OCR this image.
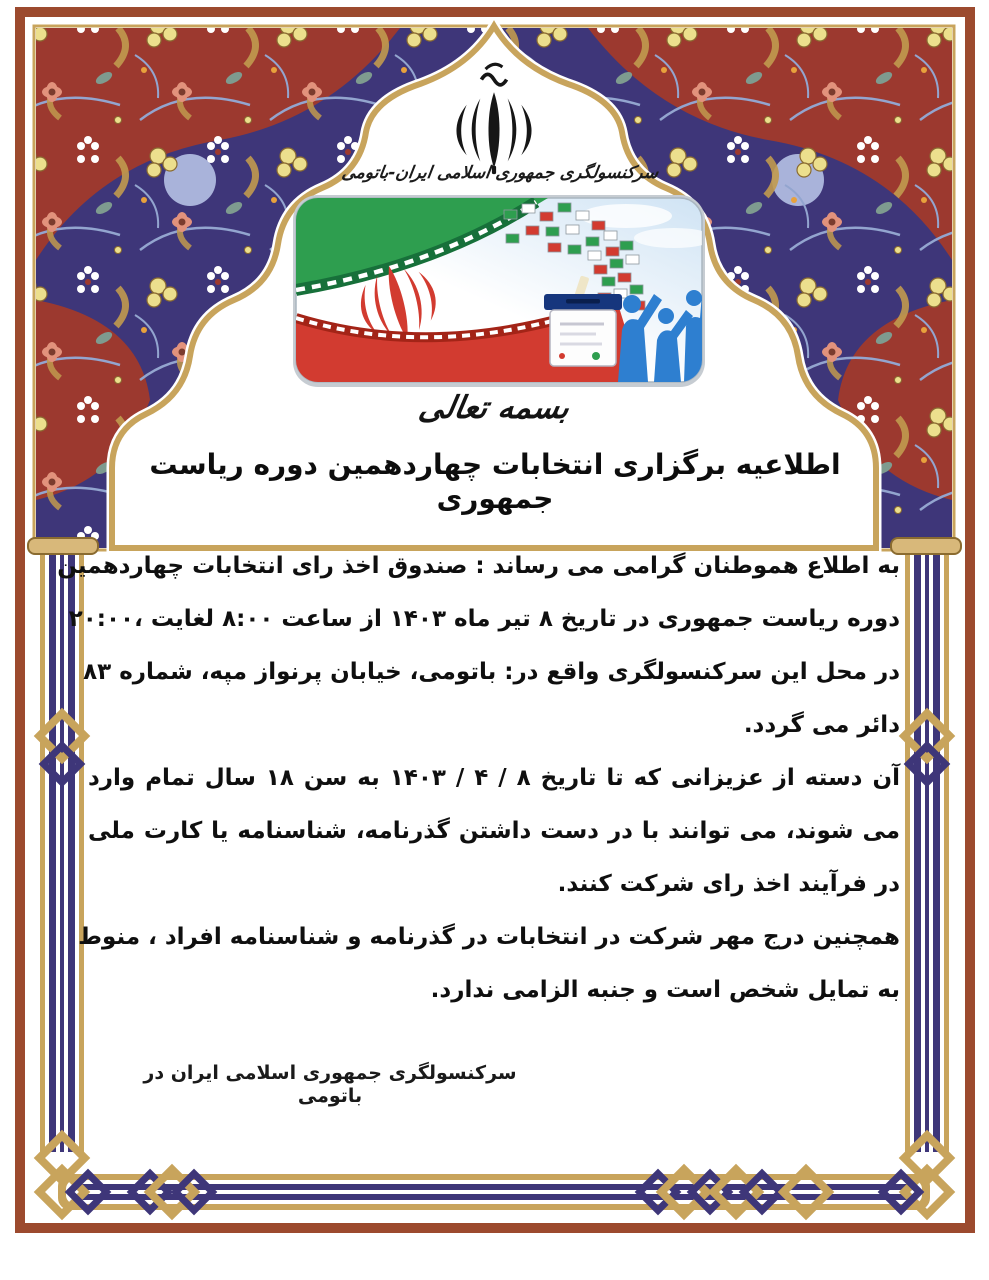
سرکنسولگری جمهوری اسلامی ایران-باتومی
بسمه تعالی
اطلاعیه برگزاری انتخابات چهاردهمین دوره ریاست جمهوری
به اطلاع هموطنان گرامی می رساند : صندوق اخذ رای انتخابات چهاردهمین
دوره ریاست جمهوری در تاریخ ۸ تیر ماه ۱۴۰۳ از ساعت ۸:۰۰ لغایت ،۲۰:۰۰
در محل این سرکنسولگری واقع در: باتومی، خیابان پرنواز مپه، شماره ۸۳
دائر می گردد.
آن دسته از عزیزانی که تا تاریخ ۸ / ۴ / ۱۴۰۳ به سن ۱۸ سال تمام وارد
می شوند، می توانند با در دست داشتن گذرنامه، شناسنامه یا کارت ملی
در فرآیند اخذ رای شرکت کنند.
همچنین درج مهر شرکت در انتخابات در گذرنامه و شناسنامه افراد ، منوط
به تمایل شخص است و جنبه الزامی ندارد.
سرکنسولگری جمهوری اسلامی ایران در باتومی
